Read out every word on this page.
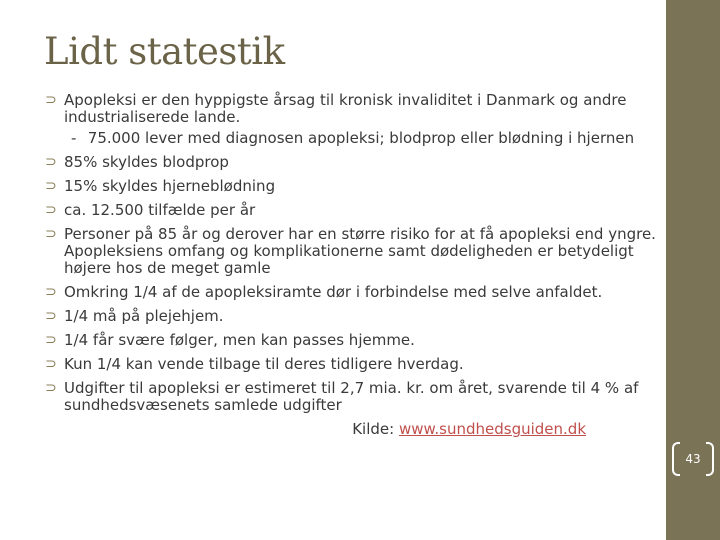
Lidt statestik
⊃ Apopleksi er den hyppigste årsag til kronisk invaliditet i Danmark og andre industrialiserede lande.
- 75.000 lever med diagnosen apopleksi; blodprop eller blødning i hjernen
⊃ 85% skyldes blodprop
⊃ 15% skyldes hjerneblødning
⊃ ca. 12.500 tilfælde per år
⊃ Personer på 85 år og derover har en større risiko for at få apopleksi end yngre. Apopleksiens omfang og komplikationerne samt dødeligheden er betydeligt højere hos de meget gamle
⊃ Omkring 1/4 af de apopleksiramte dør i forbindelse med selve anfaldet.
⊃ 1/4 må på plejehjem.
⊃ 1/4 får svære følger, men kan passes hjemme.
⊃ Kun 1/4 kan vende tilbage til deres tidligere hverdag.
⊃ Udgifter til apopleksi er estimeret til 2,7 mia. kr. om året, svarende til 4 % af sundhedsvæsenets samlede udgifter
Kilde: www.sundhedsguiden.dk
43
